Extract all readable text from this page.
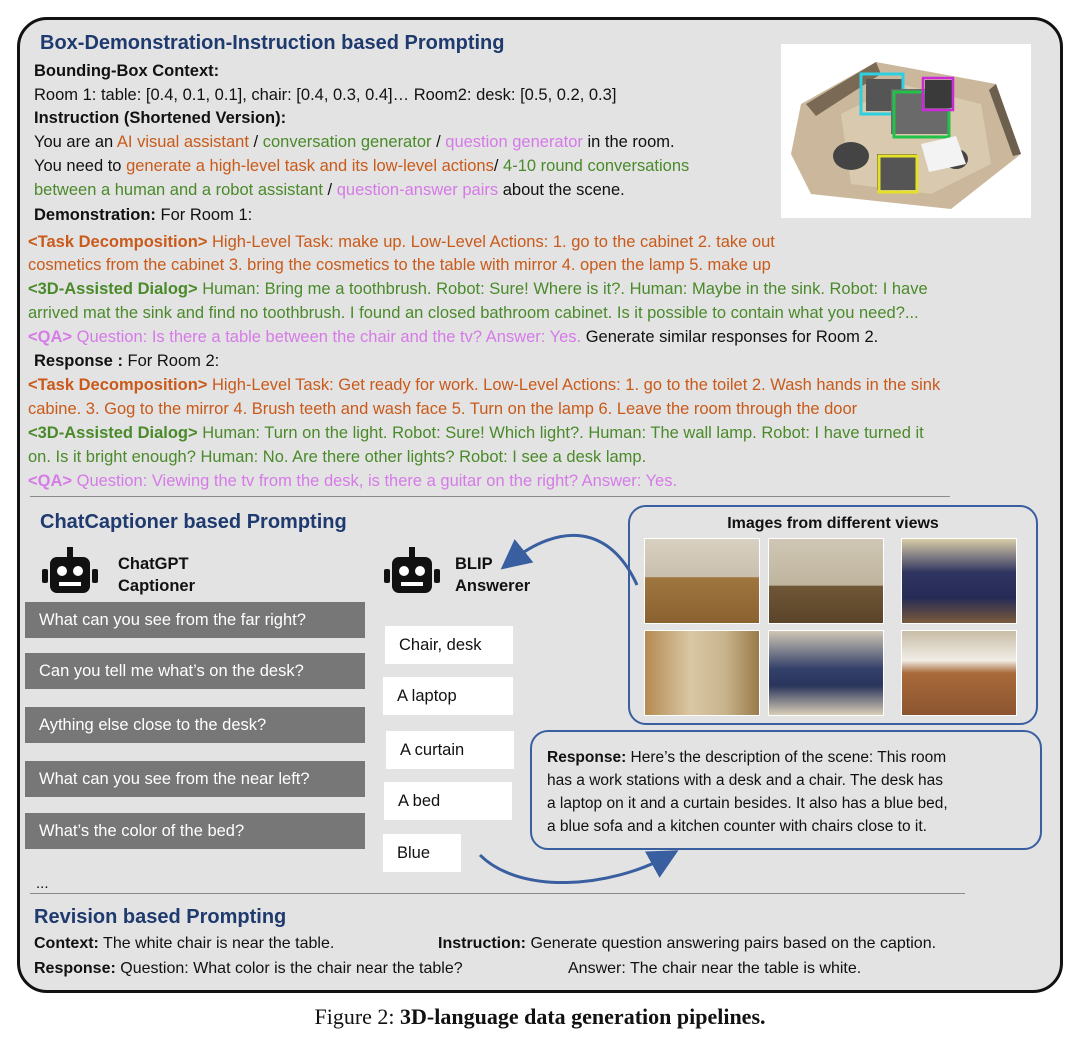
Box-Demonstration-Instruction based Prompting
Bounding-Box Context:
Room 1: table: [0.4, 0.1, 0.1], chair: [0.4, 0.3, 0.4]… Room2: desk: [0.5, 0.2, 0.3]
Instruction (Shortened Version):
You are an AI visual assistant / conversation generator / question generator in the room.
You need to generate a high-level task and its low-level actions/ 4-10 round conversations
between a human and a robot assistant / question-answer pairs about the scene.
Demonstration: For Room 1:
<Task Decomposition> High-Level Task: make up. Low-Level Actions: 1. go to the cabinet 2. take out
cosmetics from the cabinet 3. bring the cosmetics to the table with mirror 4. open the lamp 5. make up
<3D-Assisted Dialog> Human: Bring me a toothbrush. Robot: Sure! Where is it?. Human: Maybe in the sink. Robot: I have
arrived mat the sink and find no toothbrush. I found an closed bathroom cabinet. Is it possible to contain what you need?...
<QA> Question: Is there a table between the chair and the tv? Answer: Yes. Generate similar responses for Room 2.
Response : For Room 2:
<Task Decomposition> High-Level Task: Get ready for work. Low-Level Actions: 1. go to the toilet 2. Wash hands in the sink
cabine. 3. Gog to the mirror 4. Brush teeth and wash face 5. Turn on the lamp 6. Leave the room through the door
<3D-Assisted Dialog> Human: Turn on the light. Robot: Sure! Which light?. Human: The wall lamp. Robot: I have turned it
on. Is it bright enough? Human: No. Are there other lights? Robot: I see a desk lamp.
<QA> Question: Viewing the tv from the desk, is there a guitar on the right? Answer: Yes.
ChatCaptioner based Prompting
ChatGPT
Captioner
BLIP
Answerer
What can you see from the far right?
Can you tell me what’s on the desk?
Aything else close to the desk?
What can you see from the near left?
What’s the color of the bed?
...
Chair, desk
A laptop
A curtain
A bed
Blue
Images from different views
Response: Here’s the description of the scene: This room
has a work stations with a desk and a chair. The desk has
a laptop on it and a curtain besides. It also has a blue bed,
a blue sofa and a kitchen counter with chairs close to it.
Revision based Prompting
Context: The white chair is near the table.	Instruction: Generate question answering pairs based on the caption.
Response: Question: What color is the chair near the table?	Answer: The chair near the table is white.
Figure 2: 3D-language data generation pipelines.
